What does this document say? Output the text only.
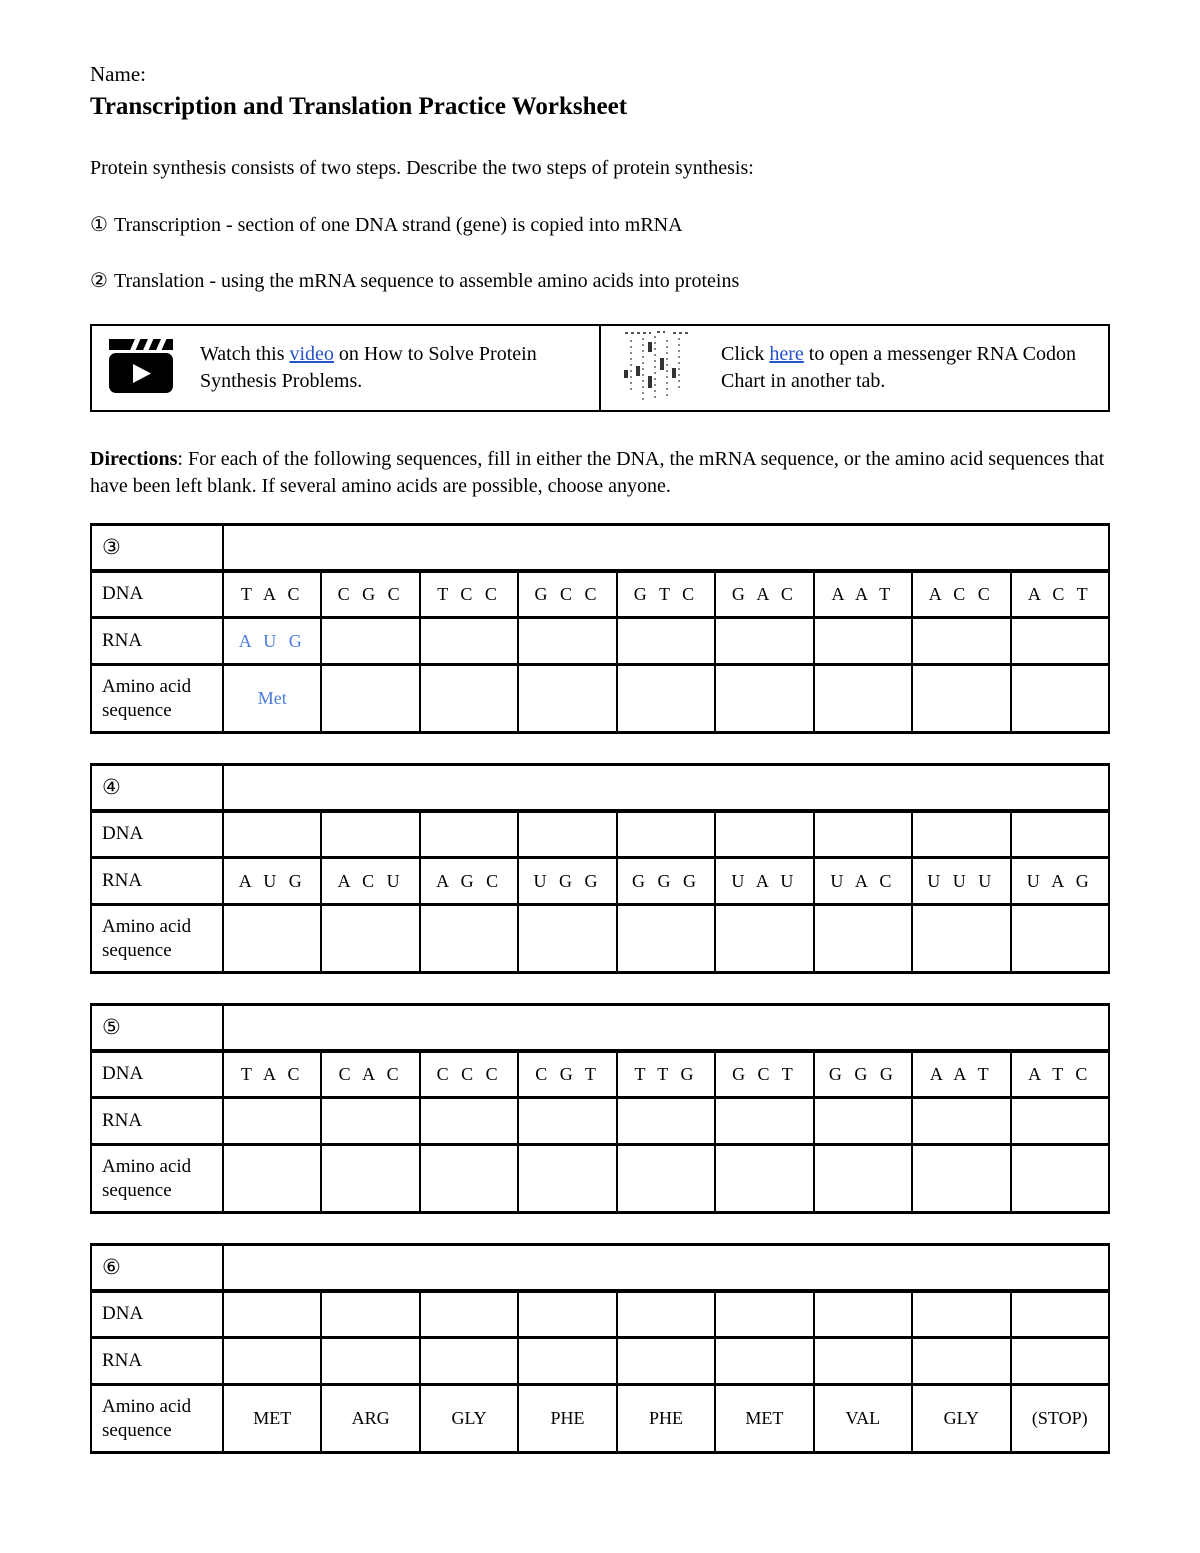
Name:
Transcription and Translation Practice Worksheet

Protein synthesis consists of two steps. Describe the two steps of protein synthesis:

① Transcription - section of one DNA strand (gene) is copied into mRNA

② Translation - using the mRNA sequence to assemble amino acids into proteins

Watch this video on How to Solve Protein Synthesis Problems.

Click here to open a messenger RNA Codon Chart in another tab.

Directions: For each of the following sequences, fill in either the DNA, the mRNA sequence, or the amino acid sequences that have been left blank. If several amino acids are possible, choose anyone.

③									
DNA	T A C	C G C	T C C	G C C	G T C	G A C	A A T	A C C	A C T
RNA	A U G								
Amino acid sequence	Met								
④									
DNA									
RNA	A U G	A C U	A G C	U G G	G G G	U A U	U A C	U U U	U A G
Amino acid sequence									
⑤									
DNA	T A C	C A C	C C C	C G T	T T G	G C T	G G G	A A T	A T C
RNA									
Amino acid sequence									
⑥									
DNA									
RNA									
Amino acid sequence	MET	ARG	GLY	PHE	PHE	MET	VAL	GLY	(STOP)
